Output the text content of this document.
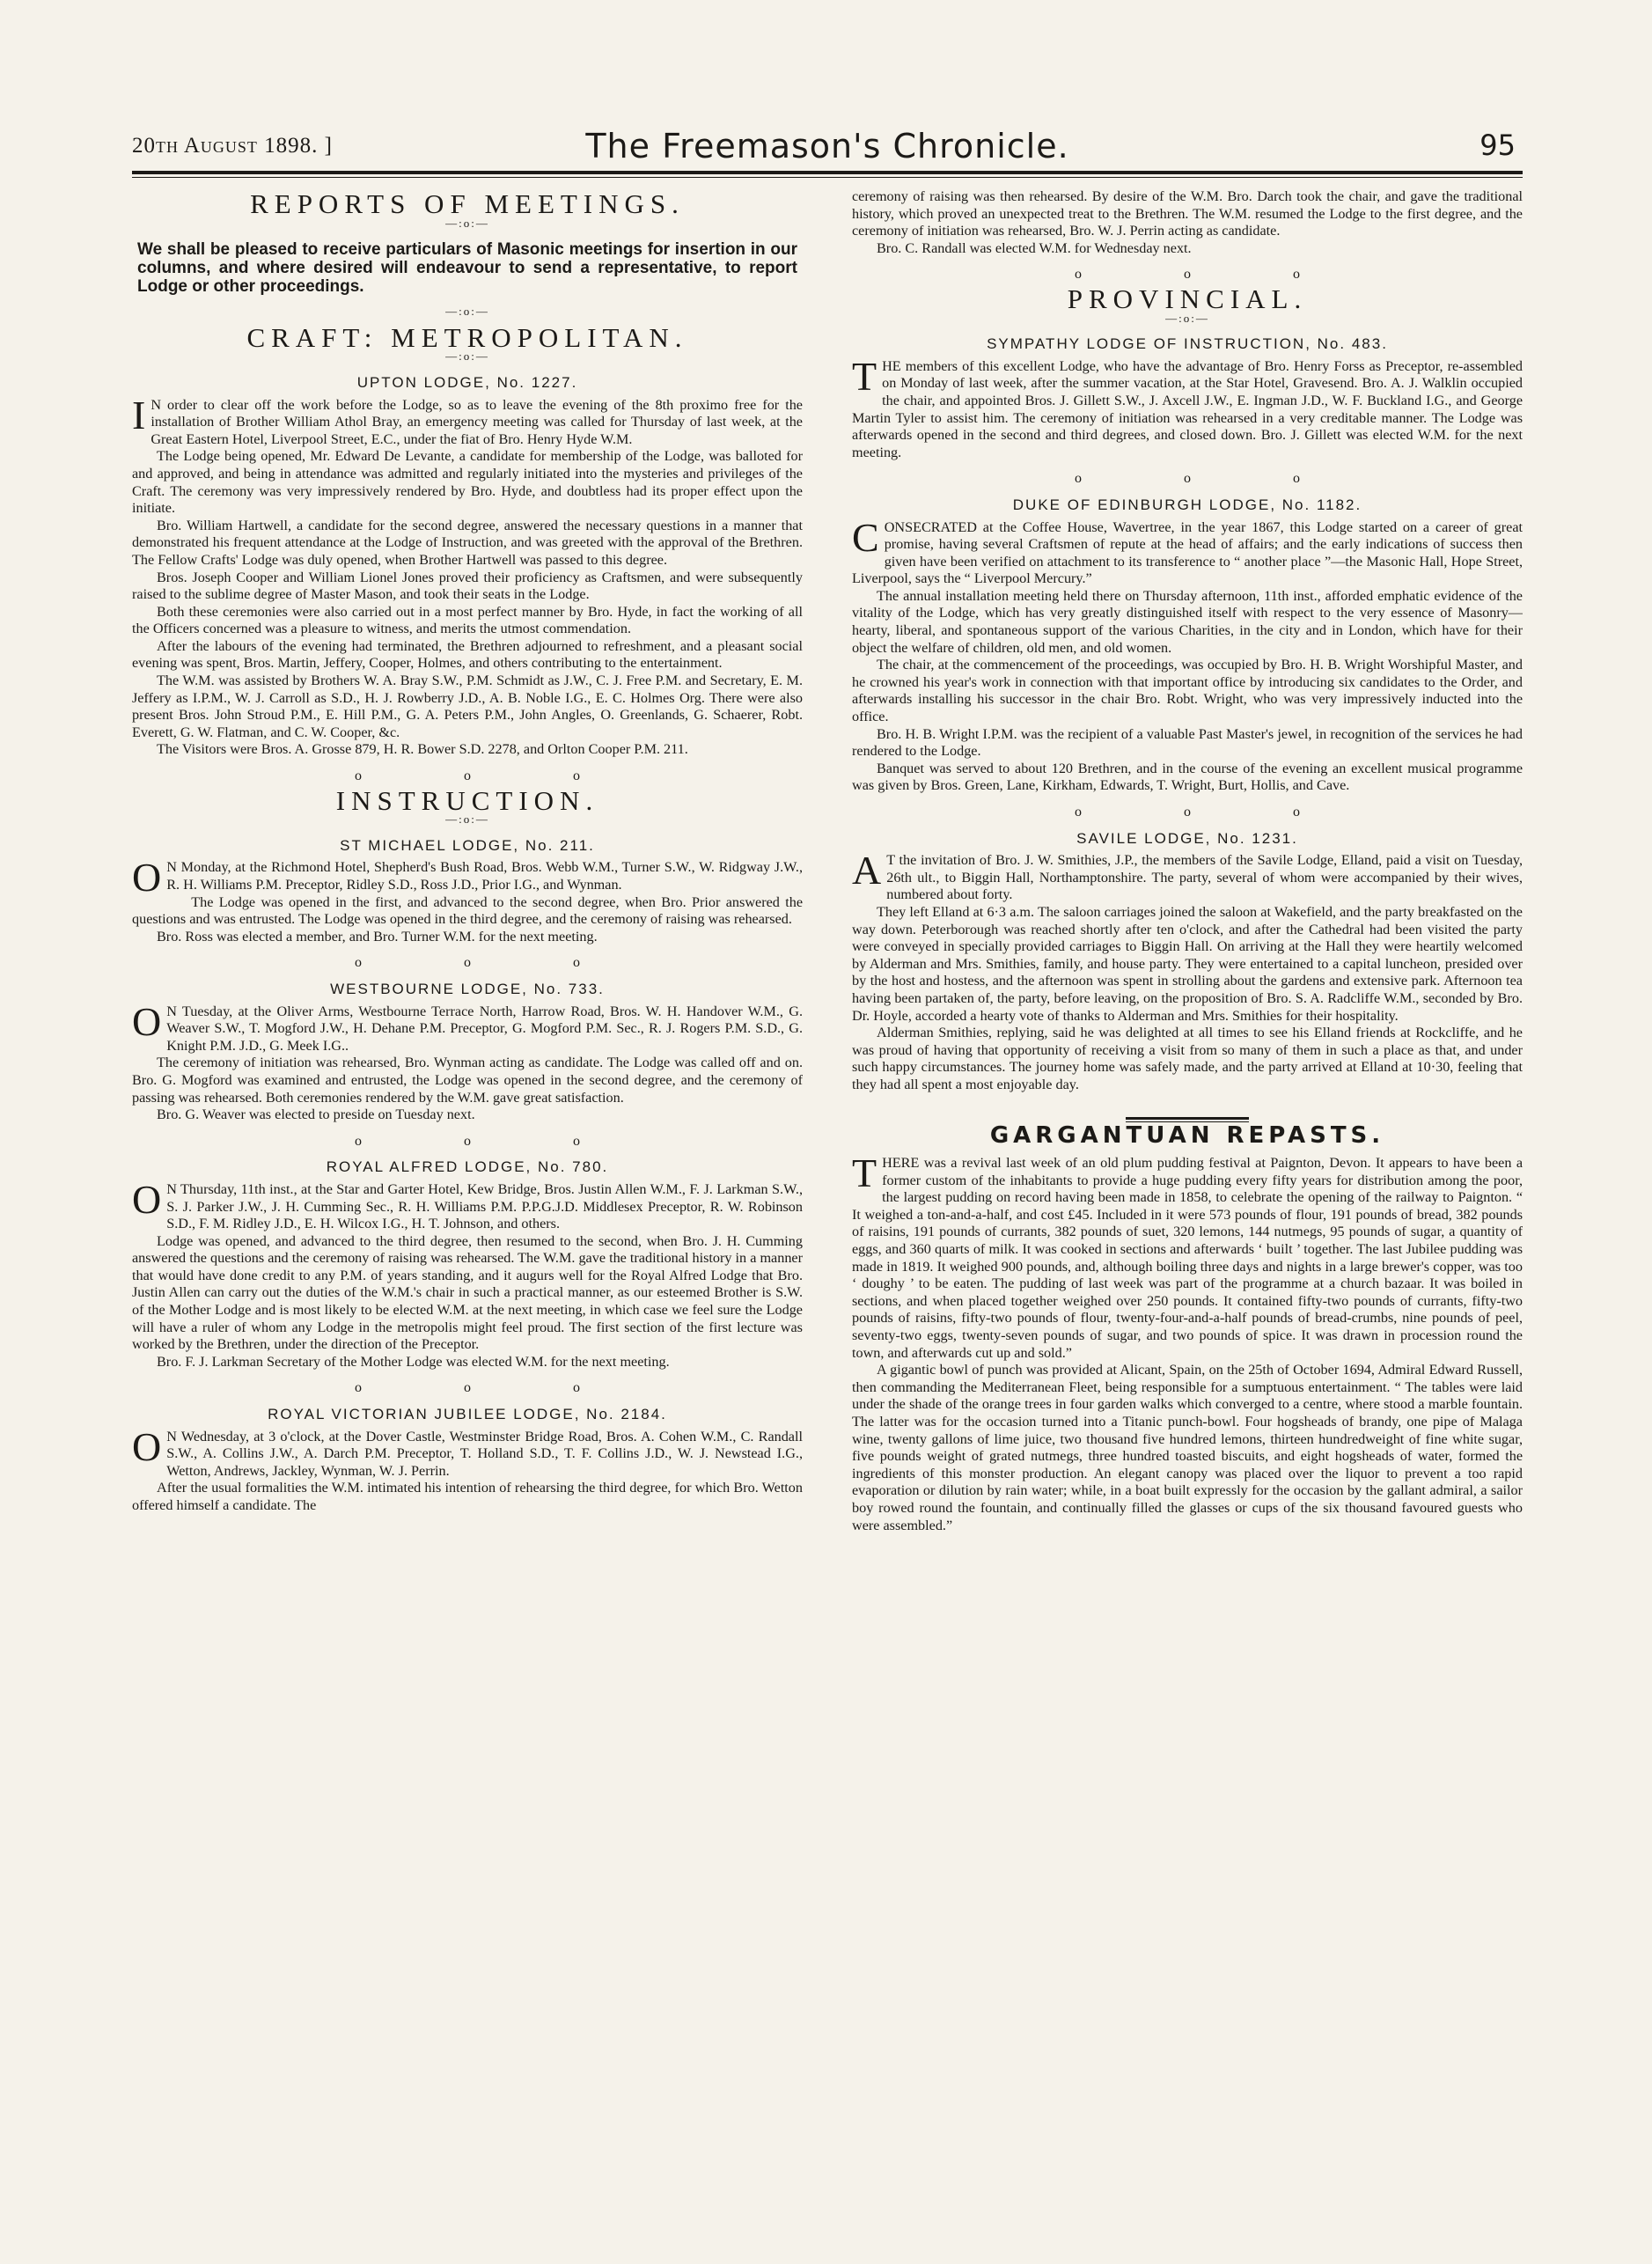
20th August 1898. ]	The Freemason's Chronicle.	95
REPORTS OF MEETINGS.
—:o:—
We shall be pleased to receive particulars of Masonic meetings for insertion in our columns, and where desired will endeavour to send a representative, to report Lodge or other proceedings.
—:o:—
CRAFT: METROPOLITAN.
—:o:—
UPTON LODGE, No. 1227.

I N order to clear off the work before the Lodge, so as to leave the evening of the 8th proximo free for the installation of Brother William Athol Bray, an emergency meeting was called for Thursday of last week, at the Great Eastern Hotel, Liverpool Street, E.C., under the fiat of Bro. Henry Hyde W.M.

The Lodge being opened, Mr. Edward De Levante, a candidate for membership of the Lodge, was balloted for and approved, and being in attendance was admitted and regularly initiated into the mysteries and privileges of the Craft. The ceremony was very impressively rendered by Bro. Hyde, and doubtless had its proper effect upon the initiate.

Bro. William Hartwell, a candidate for the second degree, answered the necessary questions in a manner that demonstrated his frequent attendance at the Lodge of Instruction, and was greeted with the approval of the Brethren. The Fellow Crafts' Lodge was duly opened, when Brother Hartwell was passed to this degree.

Bros. Joseph Cooper and William Lionel Jones proved their proficiency as Craftsmen, and were subsequently raised to the sublime degree of Master Mason, and took their seats in the Lodge.

Both these ceremonies were also carried out in a most perfect manner by Bro. Hyde, in fact the working of all the Officers concerned was a pleasure to witness, and merits the utmost commendation.

After the labours of the evening had terminated, the Brethren adjourned to refreshment, and a pleasant social evening was spent, Bros. Martin, Jeffery, Cooper, Holmes, and others contributing to the entertainment.

The W.M. was assisted by Brothers W. A. Bray S.W., P.M. Schmidt as J.W., C. J. Free P.M. and Secretary, E. M. Jeffery as I.P.M., W. J. Carroll as S.D., H. J. Rowberry J.D., A. B. Noble I.G., E. C. Holmes Org. There were also present Bros. John Stroud P.M., E. Hill P.M., G. A. Peters P.M., John Angles, O. Greenlands, G. Schaerer, Robt. Everett, G. W. Flatman, and C. W. Cooper, &c.

The Visitors were Bros. A. Grosse 879, H. R. Bower S.D. 2278, and Orlton Cooper P.M. 211.

o o o
INSTRUCTION.
—:o:—
ST MICHAEL LODGE, No. 211.

O N Monday, at the Richmond Hotel, Shepherd's Bush Road, Bros. Webb W.M., Turner S.W., W. Ridgway J.W., R. H. Williams P.M. Preceptor, Ridley S.D., Ross J.D., Prior I.G., and Wynman.

The Lodge was opened in the first, and advanced to the second degree, when Bro. Prior answered the questions and was entrusted. The Lodge was opened in the third degree, and the ceremony of raising was rehearsed.

Bro. Ross was elected a member, and Bro. Turner W.M. for the next meeting.

o o o
WESTBOURNE LODGE, No. 733.

O N Tuesday, at the Oliver Arms, Westbourne Terrace North, Harrow Road, Bros. W. H. Handover W.M., G. Weaver S.W., T. Mogford J.W., H. Dehane P.M. Preceptor, G. Mogford P.M. Sec., R. J. Rogers P.M. S.D., G. Knight P.M. J.D., G. Meek I.G..

The ceremony of initiation was rehearsed, Bro. Wynman acting as candidate. The Lodge was called off and on. Bro. G. Mogford was examined and entrusted, the Lodge was opened in the second degree, and the ceremony of passing was rehearsed. Both ceremonies rendered by the W.M. gave great satisfaction.

Bro. G. Weaver was elected to preside on Tuesday next.

o o o
ROYAL ALFRED LODGE, No. 780.

O N Thursday, 11th inst., at the Star and Garter Hotel, Kew Bridge, Bros. Justin Allen W.M., F. J. Larkman S.W., S. J. Parker J.W., J. H. Cumming Sec., R. H. Williams P.M. P.P.G.J.D. Middlesex Preceptor, R. W. Robinson S.D., F. M. Ridley J.D., E. H. Wilcox I.G., H. T. Johnson, and others.

Lodge was opened, and advanced to the third degree, then resumed to the second, when Bro. J. H. Cumming answered the questions and the ceremony of raising was rehearsed. The W.M. gave the traditional history in a manner that would have done credit to any P.M. of years standing, and it augurs well for the Royal Alfred Lodge that Bro. Justin Allen can carry out the duties of the W.M.'s chair in such a practical manner, as our esteemed Brother is S.W. of the Mother Lodge and is most likely to be elected W.M. at the next meeting, in which case we feel sure the Lodge will have a ruler of whom any Lodge in the metropolis might feel proud. The first section of the first lecture was worked by the Brethren, under the direction of the Preceptor.

Bro. F. J. Larkman Secretary of the Mother Lodge was elected W.M. for the next meeting.

o o o
ROYAL VICTORIAN JUBILEE LODGE, No. 2184.

O N Wednesday, at 3 o'clock, at the Dover Castle, Westminster Bridge Road, Bros. A. Cohen W.M., C. Randall S.W., A. Collins J.W., A. Darch P.M. Preceptor, T. Holland S.D., T. F. Collins J.D., W. J. Newstead I.G., Wetton, Andrews, Jackley, Wynman, W. J. Perrin.

After the usual formalities the W.M. intimated his intention of rehearsing the third degree, for which Bro. Wetton offered himself a candidate. The

ceremony of raising was then rehearsed. By desire of the W.M. Bro. Darch took the chair, and gave the traditional history, which proved an unexpected treat to the Brethren. The W.M. resumed the Lodge to the first degree, and the ceremony of initiation was rehearsed, Bro. W. J. Perrin acting as candidate.

Bro. C. Randall was elected W.M. for Wednesday next.

o o o
PROVINCIAL.
—:o:—
SYMPATHY LODGE OF INSTRUCTION, No. 483.

THE members of this excellent Lodge, who have the advantage of Bro. Henry Forss as Preceptor, re-assembled on Monday of last week, after the summer vacation, at the Star Hotel, Gravesend. Bro. A. J. Walklin occupied the chair, and appointed Bros. J. Gillett S.W., J. Axcell J.W., E. Ingman J.D., W. F. Buckland I.G., and George Martin Tyler to assist him. The ceremony of initiation was rehearsed in a very creditable manner. The Lodge was afterwards opened in the second and third degrees, and closed down. Bro. J. Gillett was elected W.M. for the next meeting.

o o o
DUKE OF EDINBURGH LODGE, No. 1182.

CONSECRATED at the Coffee House, Wavertree, in the year 1867, this Lodge started on a career of great promise, having several Craftsmen of repute at the head of affairs; and the early indications of success then given have been verified on attachment to its transference to “ another place ”—the Masonic Hall, Hope Street, Liverpool, says the “ Liverpool Mercury.”

The annual installation meeting held there on Thursday afternoon, 11th inst., afforded emphatic evidence of the vitality of the Lodge, which has very greatly distinguished itself with respect to the very essence of Masonry—hearty, liberal, and spontaneous support of the various Charities, in the city and in London, which have for their object the welfare of children, old men, and old women.

The chair, at the commencement of the proceedings, was occupied by Bro. H. B. Wright Worshipful Master, and he crowned his year's work in connection with that important office by introducing six candidates to the Order, and afterwards installing his successor in the chair Bro. Robt. Wright, who was very impressively inducted into the office.

Bro. H. B. Wright I.P.M. was the recipient of a valuable Past Master's jewel, in recognition of the services he had rendered to the Lodge.

Banquet was served to about 120 Brethren, and in the course of the evening an excellent musical programme was given by Bros. Green, Lane, Kirkham, Edwards, T. Wright, Burt, Hollis, and Cave.

o o o
SAVILE LODGE, No. 1231.

A T the invitation of Bro. J. W. Smithies, J.P., the members of the Savile Lodge, Elland, paid a visit on Tuesday, 26th ult., to Biggin Hall, Northamptonshire. The party, several of whom were accompanied by their wives, numbered about forty.

They left Elland at 6·3 a.m. The saloon carriages joined the saloon at Wakefield, and the party breakfasted on the way down. Peterborough was reached shortly after ten o'clock, and after the Cathedral had been visited the party were conveyed in specially provided carriages to Biggin Hall. On arriving at the Hall they were heartily welcomed by Alderman and Mrs. Smithies, family, and house party. They were entertained to a capital luncheon, presided over by the host and hostess, and the afternoon was spent in strolling about the gardens and extensive park. Afternoon tea having been partaken of, the party, before leaving, on the proposition of Bro. S. A. Radcliffe W.M., seconded by Bro. Dr. Hoyle, accorded a hearty vote of thanks to Alderman and Mrs. Smithies for their hospitality.

Alderman Smithies, replying, said he was delighted at all times to see his Elland friends at Rockcliffe, and he was proud of having that opportunity of receiving a visit from so many of them in such a place as that, and under such happy circumstances. The journey home was safely made, and the party arrived at Elland at 10·30, feeling that they had all spent a most enjoyable day.

GARGANTUAN REPASTS.

THERE was a revival last week of an old plum pudding festival at Paignton, Devon. It appears to have been a former custom of the inhabitants to provide a huge pudding every fifty years for distribution among the poor, the largest pudding on record having been made in 1858, to celebrate the opening of the railway to Paignton. “ It weighed a ton-and-a-half, and cost £45. Included in it were 573 pounds of flour, 191 pounds of bread, 382 pounds of raisins, 191 pounds of currants, 382 pounds of suet, 320 lemons, 144 nutmegs, 95 pounds of sugar, a quantity of eggs, and 360 quarts of milk. It was cooked in sections and afterwards ‘ built ’ together. The last Jubilee pudding was made in 1819. It weighed 900 pounds, and, although boiling three days and nights in a large brewer's copper, was too ‘ doughy ’ to be eaten. The pudding of last week was part of the programme at a church bazaar. It was boiled in sections, and when placed together weighed over 250 pounds. It contained fifty-two pounds of currants, fifty-two pounds of raisins, fifty-two pounds of flour, twenty-four-and-a-half pounds of bread-crumbs, nine pounds of peel, seventy-two eggs, twenty-seven pounds of sugar, and two pounds of spice. It was drawn in procession round the town, and afterwards cut up and sold.”

A gigantic bowl of punch was provided at Alicant, Spain, on the 25th of October 1694, Admiral Edward Russell, then commanding the Mediterranean Fleet, being responsible for a sumptuous entertainment. “ The tables were laid under the shade of the orange trees in four garden walks which converged to a centre, where stood a marble fountain. The latter was for the occasion turned into a Titanic punch-bowl. Four hogsheads of brandy, one pipe of Malaga wine, twenty gallons of lime juice, two thousand five hundred lemons, thirteen hundredweight of fine white sugar, five pounds weight of grated nutmegs, three hundred toasted biscuits, and eight hogsheads of water, formed the ingredients of this monster production. An elegant canopy was placed over the liquor to prevent a too rapid evaporation or dilution by rain water; while, in a boat built expressly for the occasion by the gallant admiral, a sailor boy rowed round the fountain, and continually filled the glasses or cups of the six thousand favoured guests who were assembled.”
